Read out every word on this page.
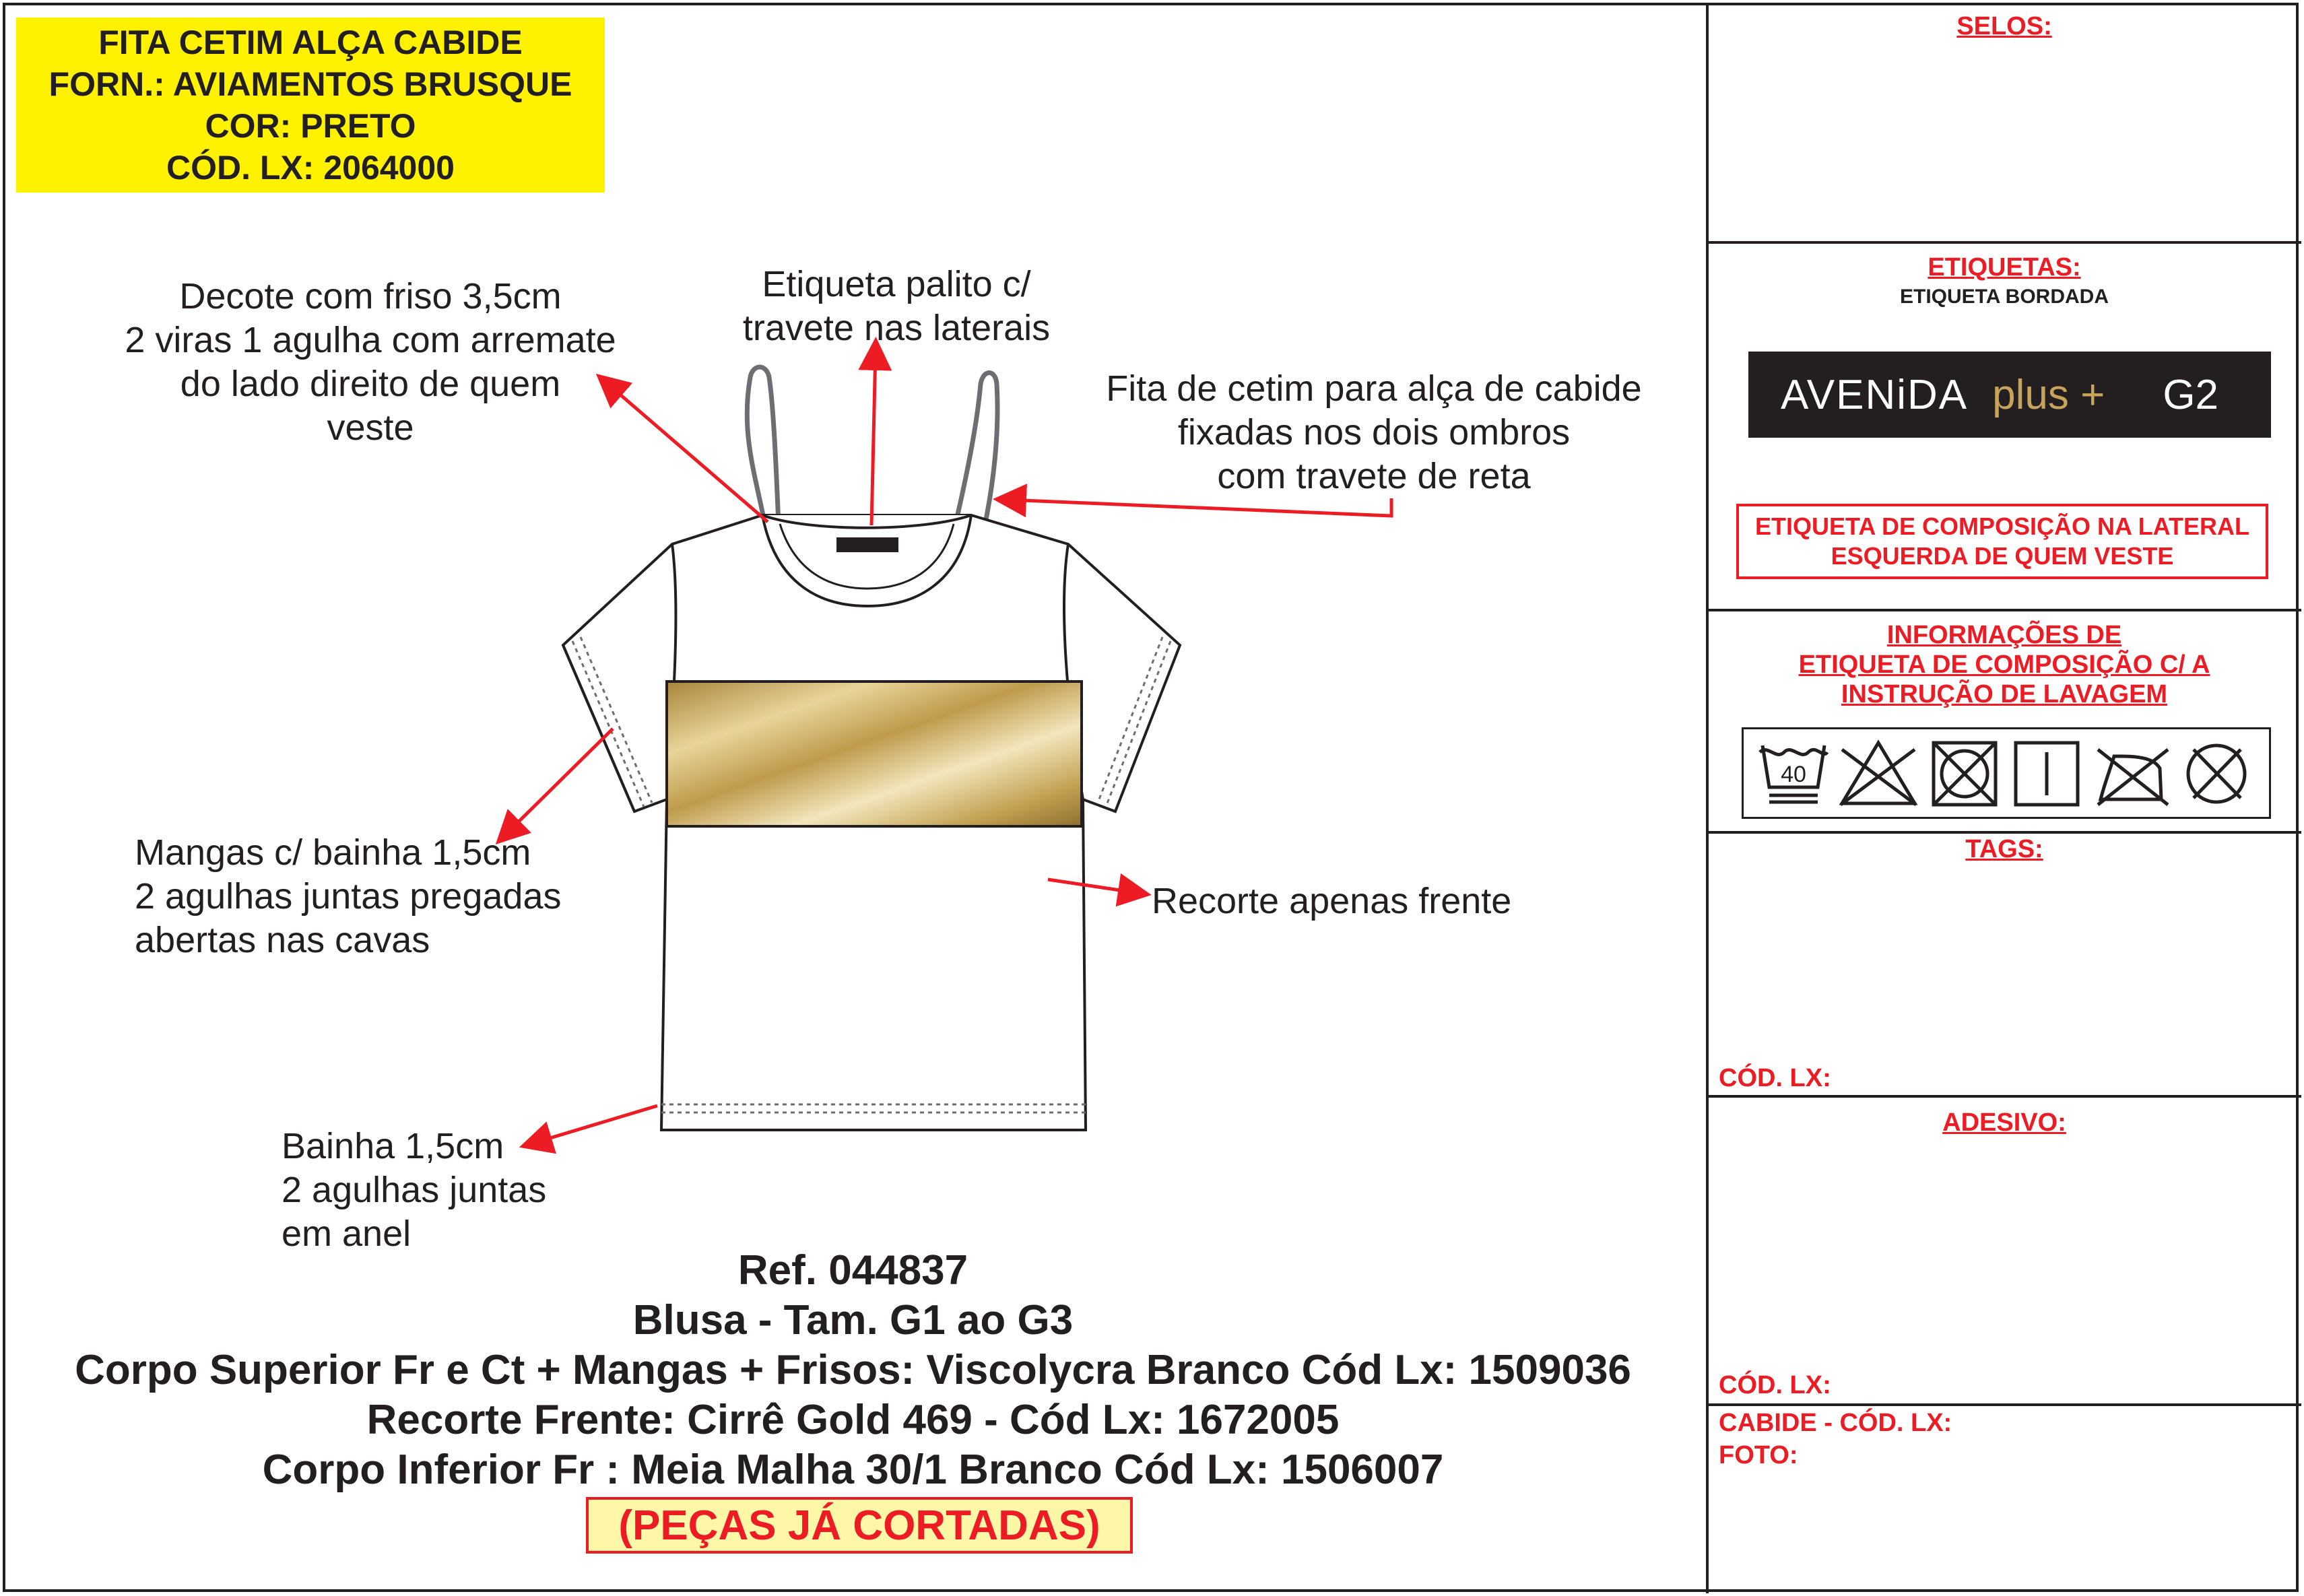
FITA CETIM ALÇA CABIDE
FORN.: AVIAMENTOS BRUSQUE
COR: PRETO
CÓD. LX: 2064000
Decote com friso 3,5cm
2 viras 1 agulha com arremate
do lado direito de quem
veste
Etiqueta palito c/
travete nas laterais
Fita de cetim para alça de cabide
fixadas nos dois ombros
com travete de reta
Mangas c/ bainha 1,5cm
2 agulhas juntas pregadas
abertas nas cavas
Recorte apenas frente
Bainha 1,5cm
2 agulhas juntas
em anel
Ref. 044837
Blusa - Tam. G1 ao G3
Corpo Superior Fr e Ct + Mangas + Frisos: Viscolycra Branco Cód Lx: 1509036
Recorte Frente: Cirrê Gold 469 - Cód Lx: 1672005
Corpo Inferior Fr : Meia Malha 30/1 Branco Cód Lx: 1506007
(PEÇAS JÁ CORTADAS)
SELOS:
ETIQUETAS:
ETIQUETA BORDADA
AVENiDA plus + G2
ETIQUETA DE COMPOSIÇÃO NA LATERAL
ESQUERDA DE QUEM VESTE
INFORMAÇÕES DE
ETIQUETA DE COMPOSIÇÃO C/ A
INSTRUÇÃO DE LAVAGEM
40
TAGS:
CÓD. LX:
ADESIVO:
CÓD. LX:
CABIDE - CÓD. LX:
FOTO:
